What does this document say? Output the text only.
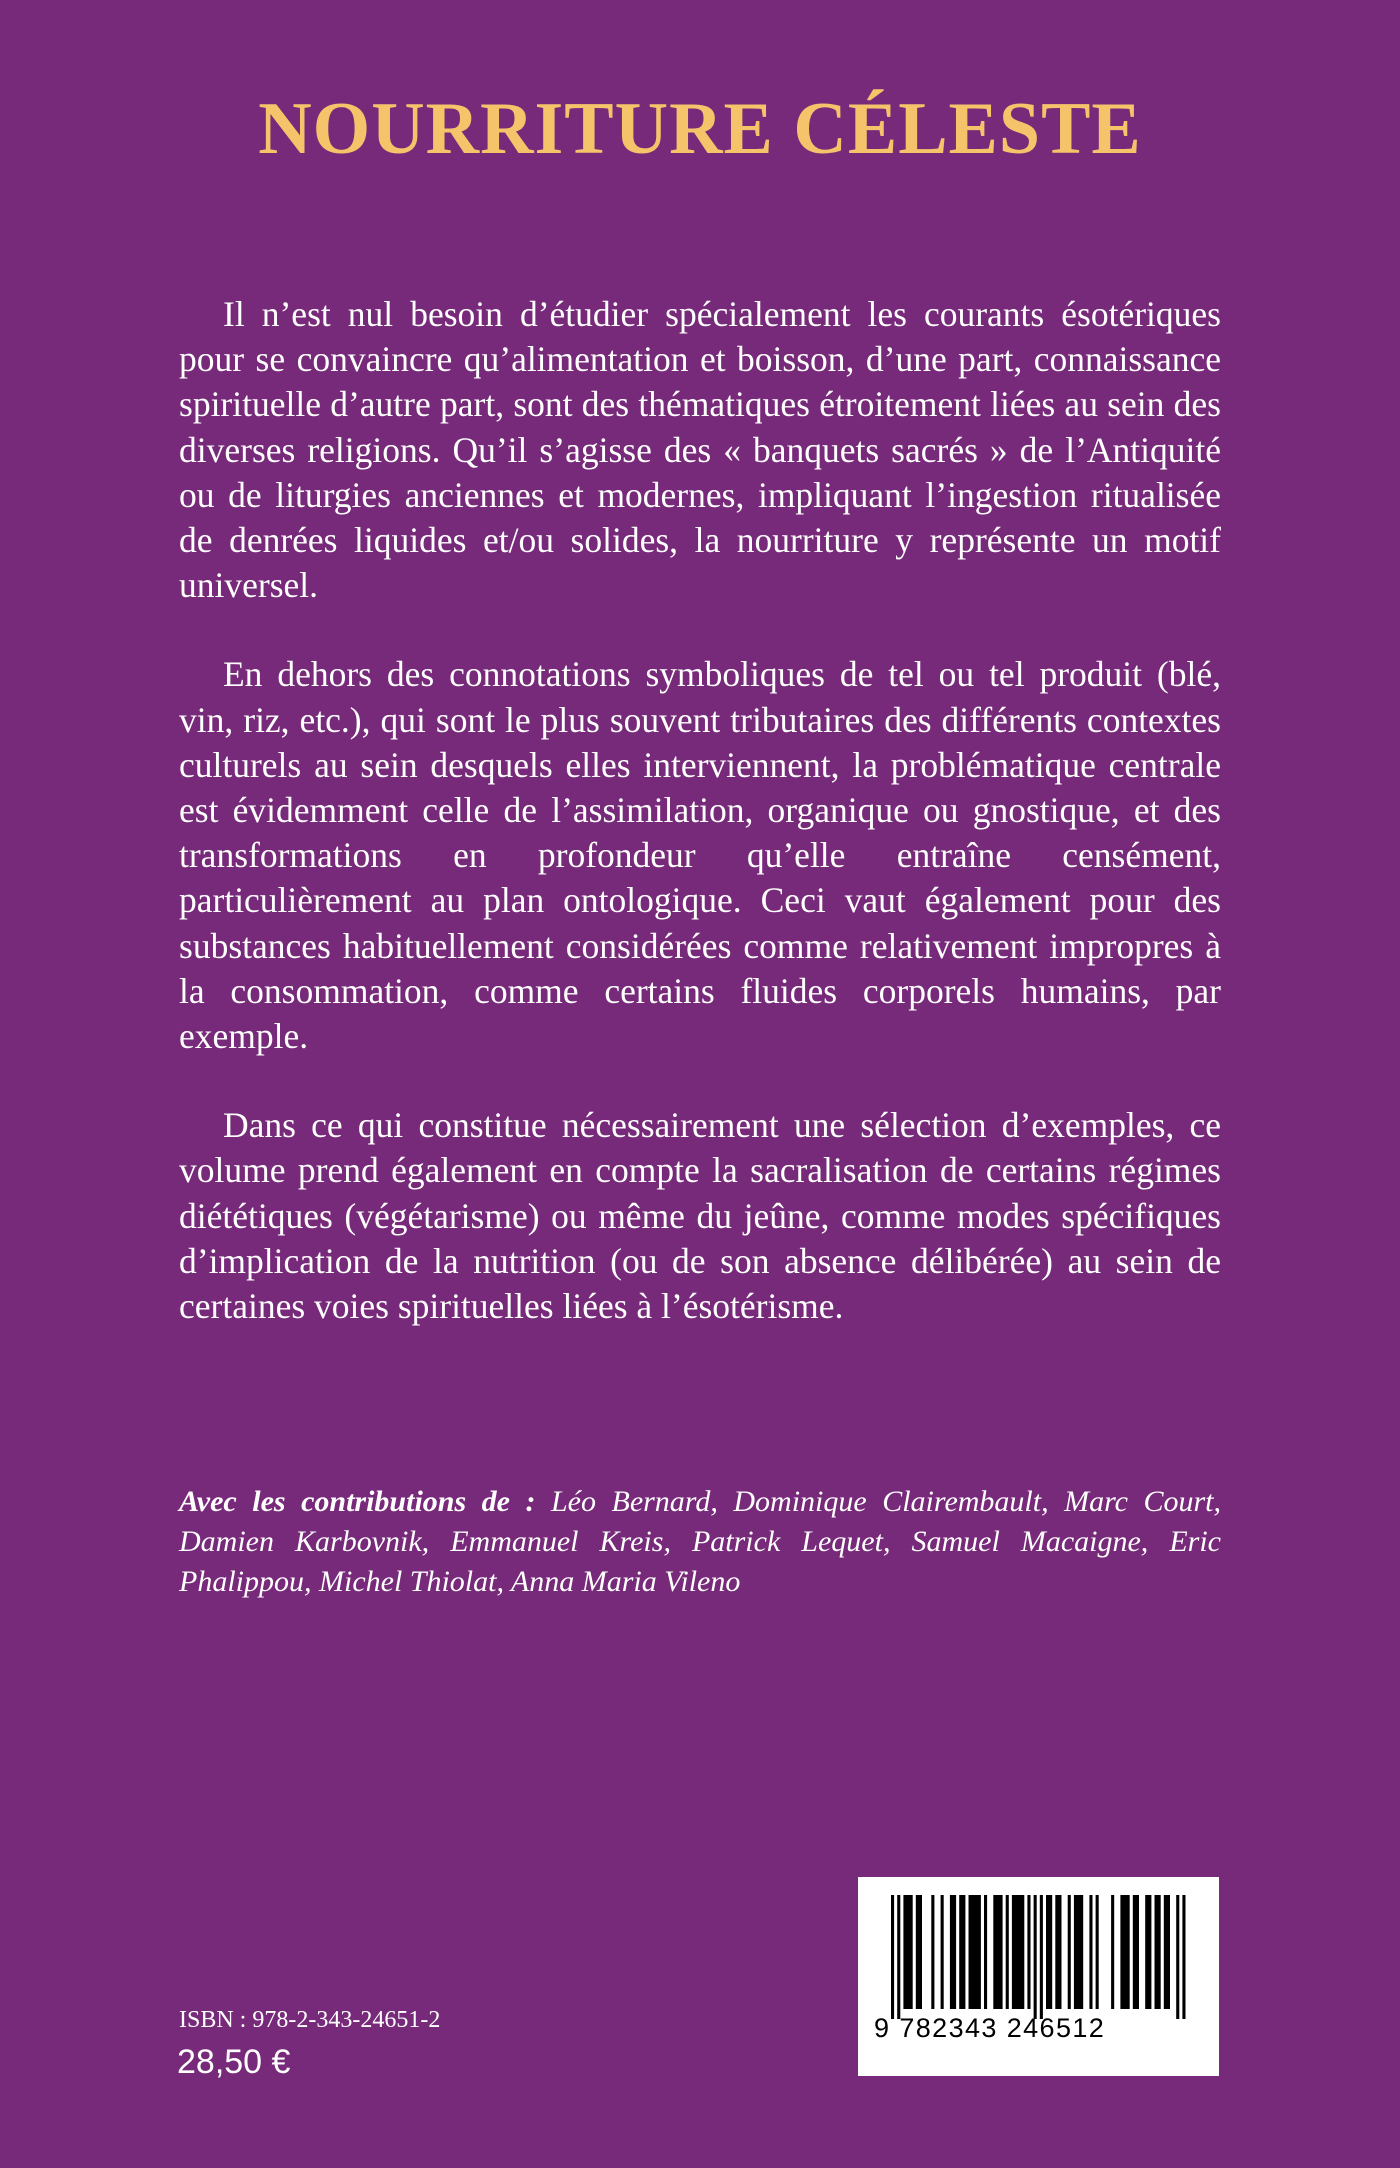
NOURRITURE CÉLESTE

Il n’est nul besoin d’étudier spécialement les courants ésotériques pour se convaincre qu’alimentation et boisson, d’une part, connaissance spirituelle d’autre part, sont des thématiques étroitement liées au sein des diverses religions. Qu’il s’agisse des « banquets sacrés » de l’Antiquité ou de liturgies anciennes et modernes, impliquant l’ingestion ritualisée de denrées liquides et/ou solides, la nourriture y représente un motif universel.

En dehors des connotations symboliques de tel ou tel produit (blé, vin, riz, etc.), qui sont le plus souvent tributaires des différents contextes culturels au sein desquels elles interviennent, la problématique centrale est évidemment celle de l’assimilation, organique ou gnostique, et des transformations en profondeur qu’elle entraîne censément, particulièrement au plan ontologique. Ceci vaut également pour des substances habituellement considérées comme relativement impropres à la consommation, comme certains fluides corporels humains, par exemple.

Dans ce qui constitue nécessairement une sélection d’exemples, ce volume prend également en compte la sacralisation de certains régimes diététiques (végétarisme) ou même du jeûne, comme modes spécifiques d’implication de la nutrition (ou de son absence délibérée) au sein de certaines voies spirituelles liées à l’ésotérisme.

Avec les contributions de : Léo Bernard, Dominique Clairembault, Marc Court, Damien Karbovnik, Emmanuel Kreis, Patrick Lequet, Samuel Macaigne, Eric Phalippou, Michel Thiolat, Anna Maria Vileno
ISBN : 978-2-343-24651-2
28,50 €
9 782343 246512
